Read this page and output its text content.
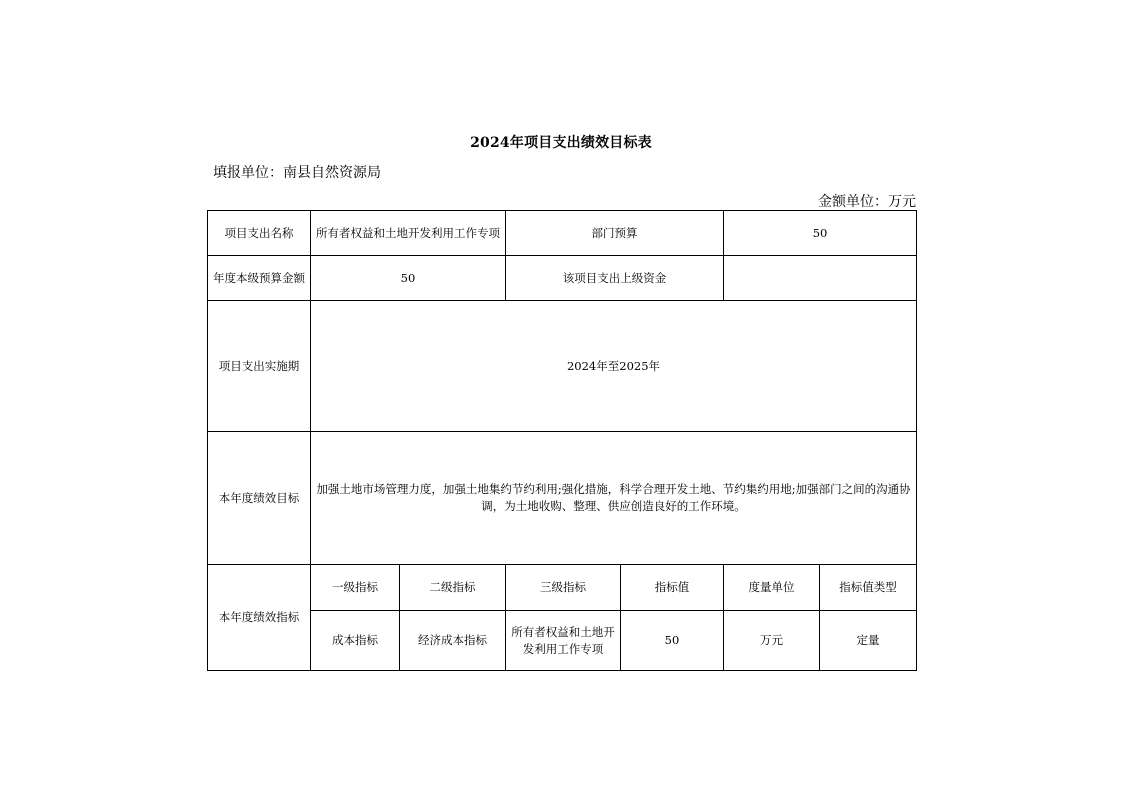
2024年项目支出绩效目标表
填报单位：南县自然资源局
金额单位：万元
项目支出名称	所有者权益和土地开发利用工作专项		部门预算		50	
年度本级预算金额	50		该项目支出上级资金			
项目支出实施期	2024年至2025年					
本年度绩效目标	加强土地市场管理力度，加强土地集约节约利用;强化措施，科学合理开发土地、节约集约用地;加强部门之间的沟通协调，为土地收购、整理、供应创造良好的工作环境。					

本年度绩效指标	一级指标	二级指标	三级指标	指标值	度量单位	指标值类型
	成本指标	经济成本指标	所有者权益和土地开发利用工作专项	50	万元	定量
